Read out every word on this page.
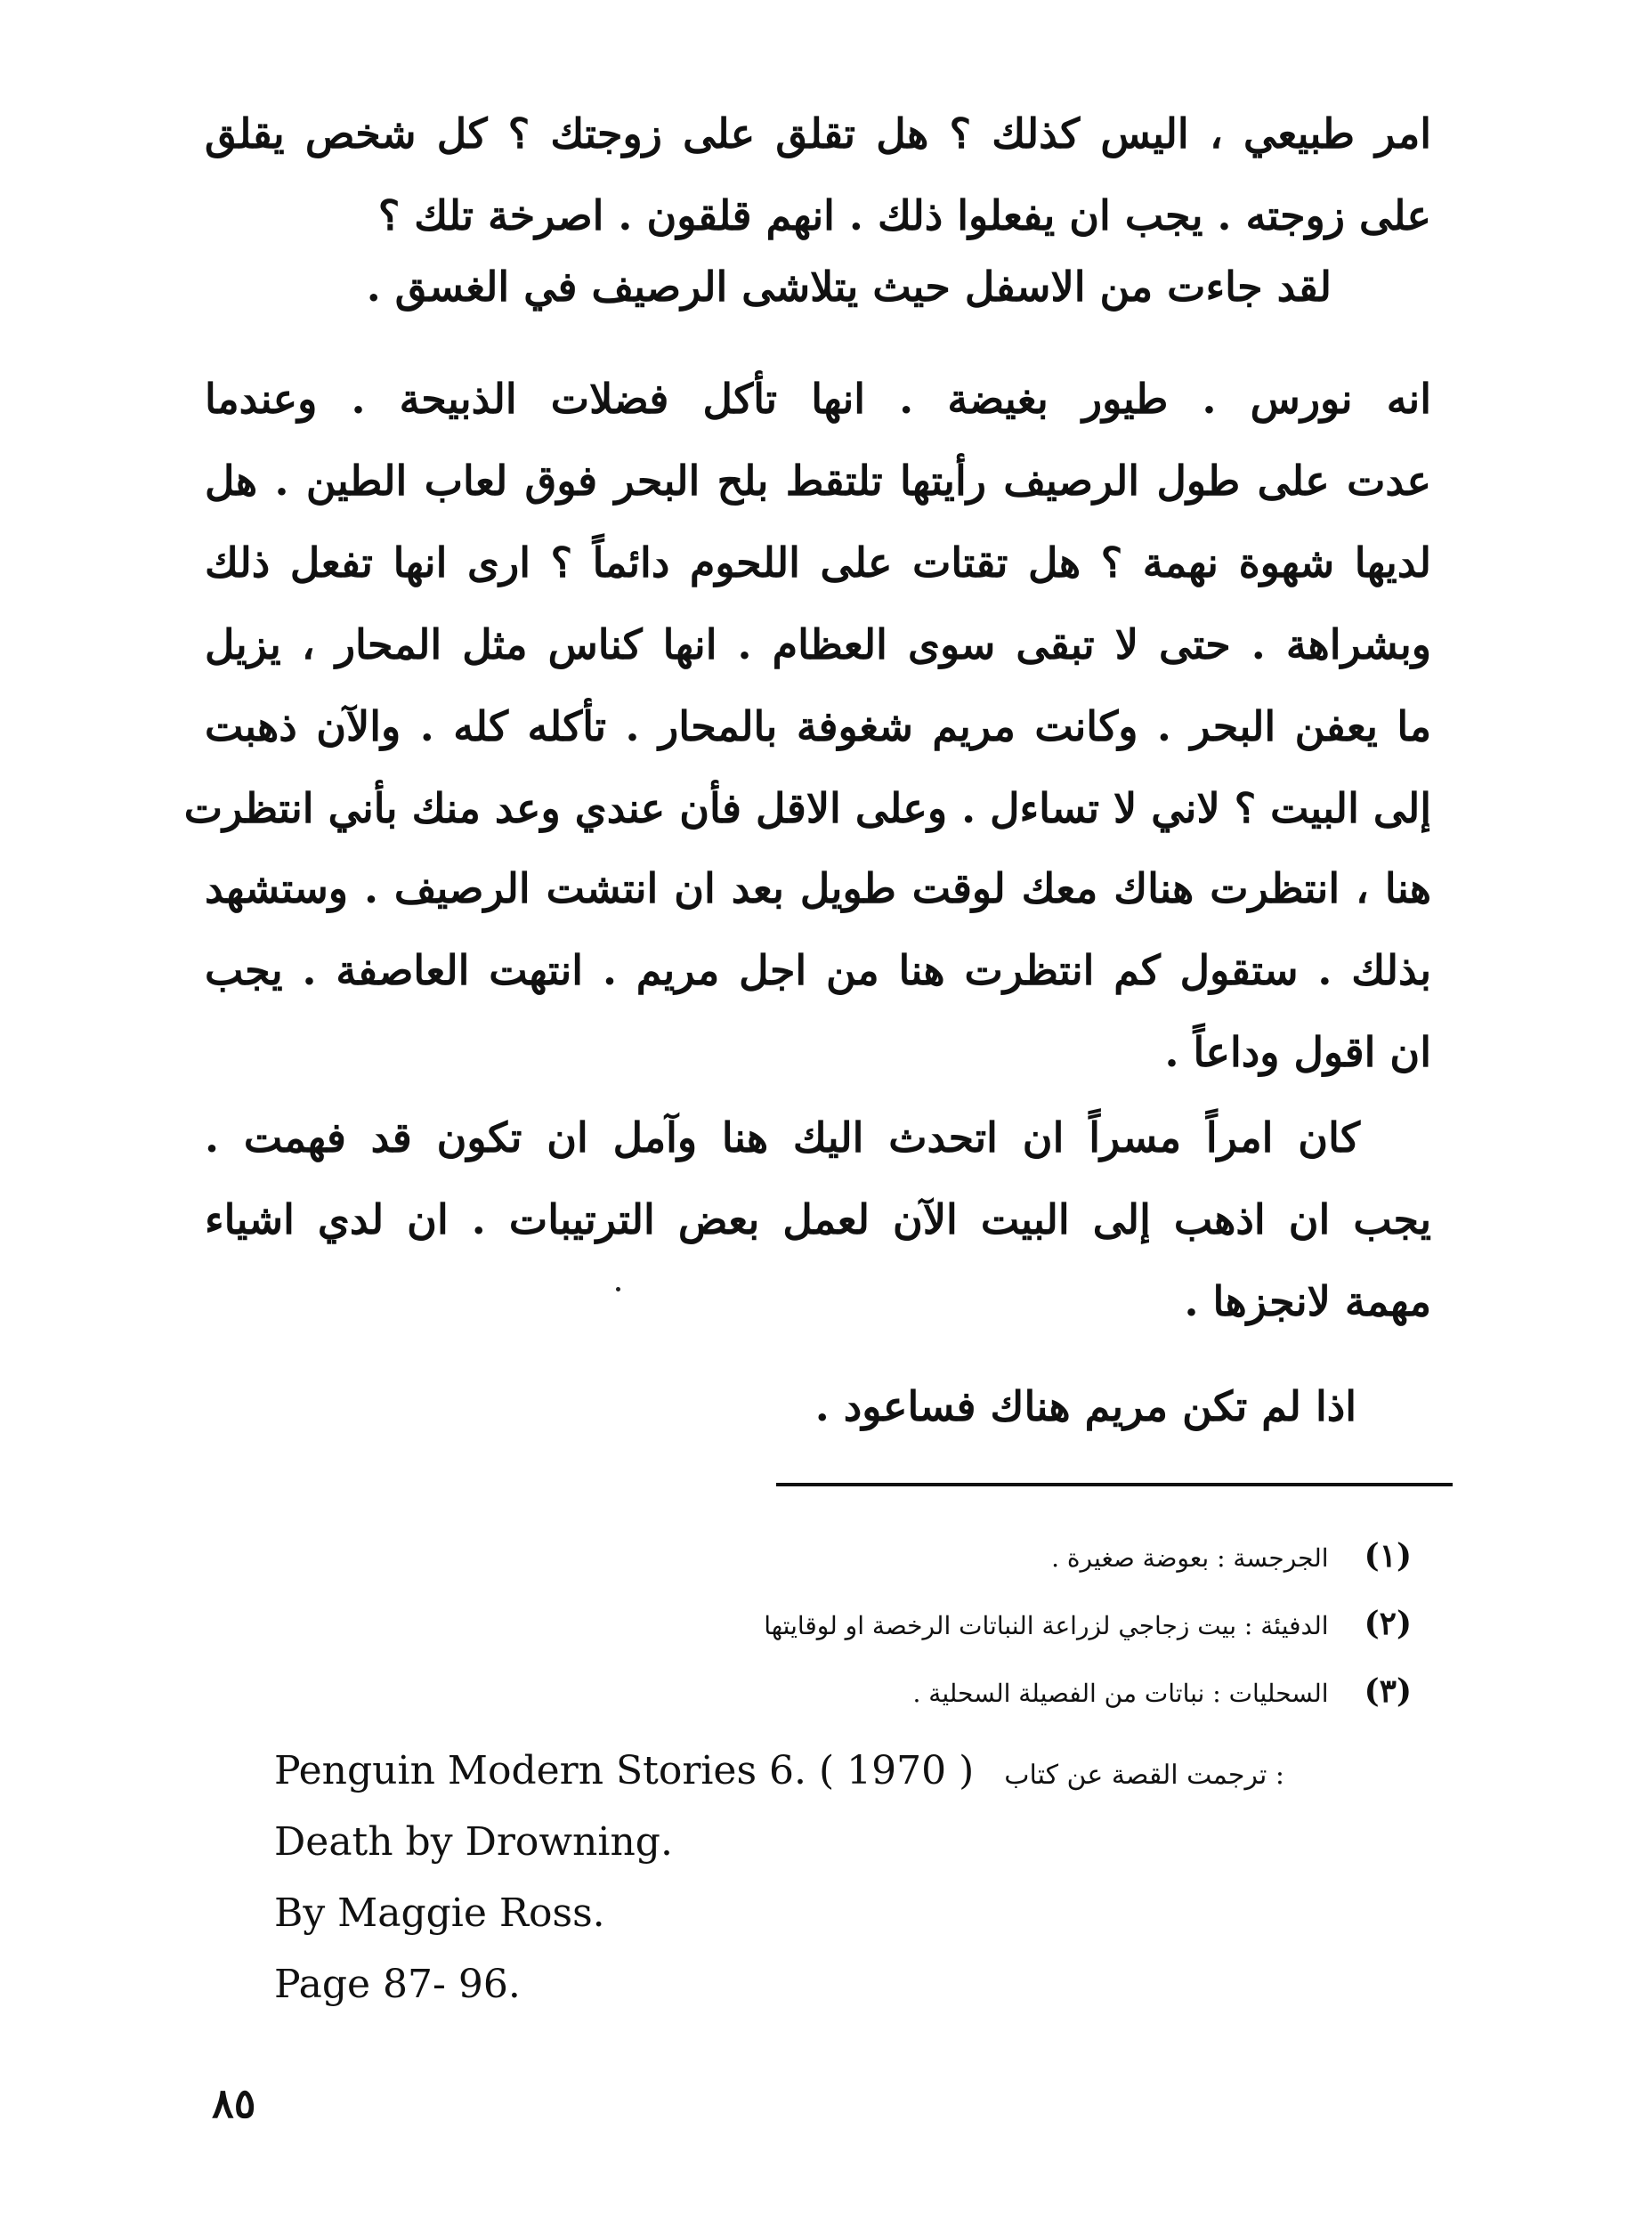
امر طبيعي ، اليس كذلك ؟ هل تقلق على زوجتك ؟ كل شخص يقلق
على زوجته . يجب ان يفعلوا ذلك . انهم قلقون . اصرخة تلك ؟
لقد جاءت من الاسفل حيث يتلاشى الرصيف في الغسق .
انه نورس . طيور بغيضة . انها تأكل فضلات الذبيحة . وعندما
عدت على طول الرصيف رأيتها تلتقط بلح البحر فوق لعاب الطين . هل
لديها شهوة نهمة ؟ هل تقتات على اللحوم دائماً ؟ ارى انها تفعل ذلك
وبشراهة . حتى لا تبقى سوى العظام . انها كناس مثل المحار ، يزيل
ما يعفن البحر . وكانت مريم شغوفة بالمحار . تأكله كله . والآن ذهبت
إلى البيت ؟ لاني لا تساءل . وعلى الاقل فأن عندي وعد منك بأني انتظرت
هنا ، انتظرت هناك معك لوقت طويل بعد ان انتشت الرصيف . وستشهد
بذلك . ستقول كم انتظرت هنا من اجل مريم . انتهت العاصفة . يجب
ان اقول وداعاً .
كان امراً مسراً ان اتحدث اليك هنا وآمل ان تكون قد فهمت .
يجب ان اذهب إلى البيت الآن لعمل بعض الترتيبات . ان لدي اشياء
مهمة لانجزها .
اذا لم تكن مريم هناك فساعود .
(١)الجرجسة : بعوضة صغيرة .
(٢)الدفيئة : بيت زجاجي لزراعة النباتات الرخصة او لوقايتها
(٣)السحليات : نباتات من الفصيلة السحلية .
Penguin Modern Stories 6. ( 1970 ) ترجمت القصة عن كتاب :
Death by Drowning.
By Maggie Ross.
Page 87- 96.
٨٥
